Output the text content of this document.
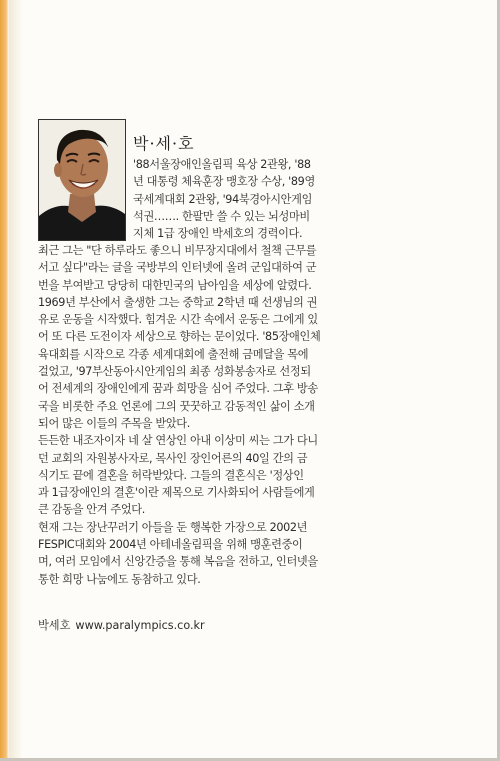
박·세·호
'88서울장애인올림픽 육상 2관왕, '88
년 대통령 체육훈장 맹호장 수상, '89영
국세계대회 2관왕, '94북경아시안게임
석권……. 한팔만 쓸 수 있는 뇌성마비
지체 1급 장애인 박세호의 경력이다.
최근 그는 "단 하루라도 좋으니 비무장지대에서 철책 근무를
서고 싶다"라는 글을 국방부의 인터넷에 올려 군입대하여 군
번을 부여받고 당당히 대한민국의 남아임을 세상에 알렸다.
1969년 부산에서 출생한 그는 중학교 2학년 때 선생님의 권
유로 운동을 시작했다. 힘겨운 시간 속에서 운동은 그에게 있
어 또 다른 도전이자 세상으로 향하는 문이었다. '85장애인체
육대회를 시작으로 각종 세계대회에 출전해 금메달을 목에
걸었고, '97부산동아시안게임의 최종 성화봉송자로 선정되
어 전세계의 장애인에게 꿈과 희망을 심어 주었다. 그후 방송
국을 비롯한 주요 언론에 그의 꿋꿋하고 감동적인 삶이 소개
되어 많은 이들의 주목을 받았다.
든든한 내조자이자 네 살 연상인 아내 이상미 씨는 그가 다니
던 교회의 자원봉사자로, 목사인 장인어른의 40일 간의 금
식기도 끝에 결혼을 허락받았다. 그들의 결혼식은 '정상인
과 1급장애인의 결혼'이란 제목으로 기사화되어 사람들에게
큰 감동을 안겨 주었다.
현재 그는 장난꾸러기 아들을 둔 행복한 가장으로 2002년
FESPIC대회와 2004년 아테네올림픽을 위해 맹훈련중이
며, 여러 모임에서 신앙간증을 통해 복음을 전하고, 인터넷을
통한 희망 나눔에도 동참하고 있다.
박세호 www.paralympics.co.kr
